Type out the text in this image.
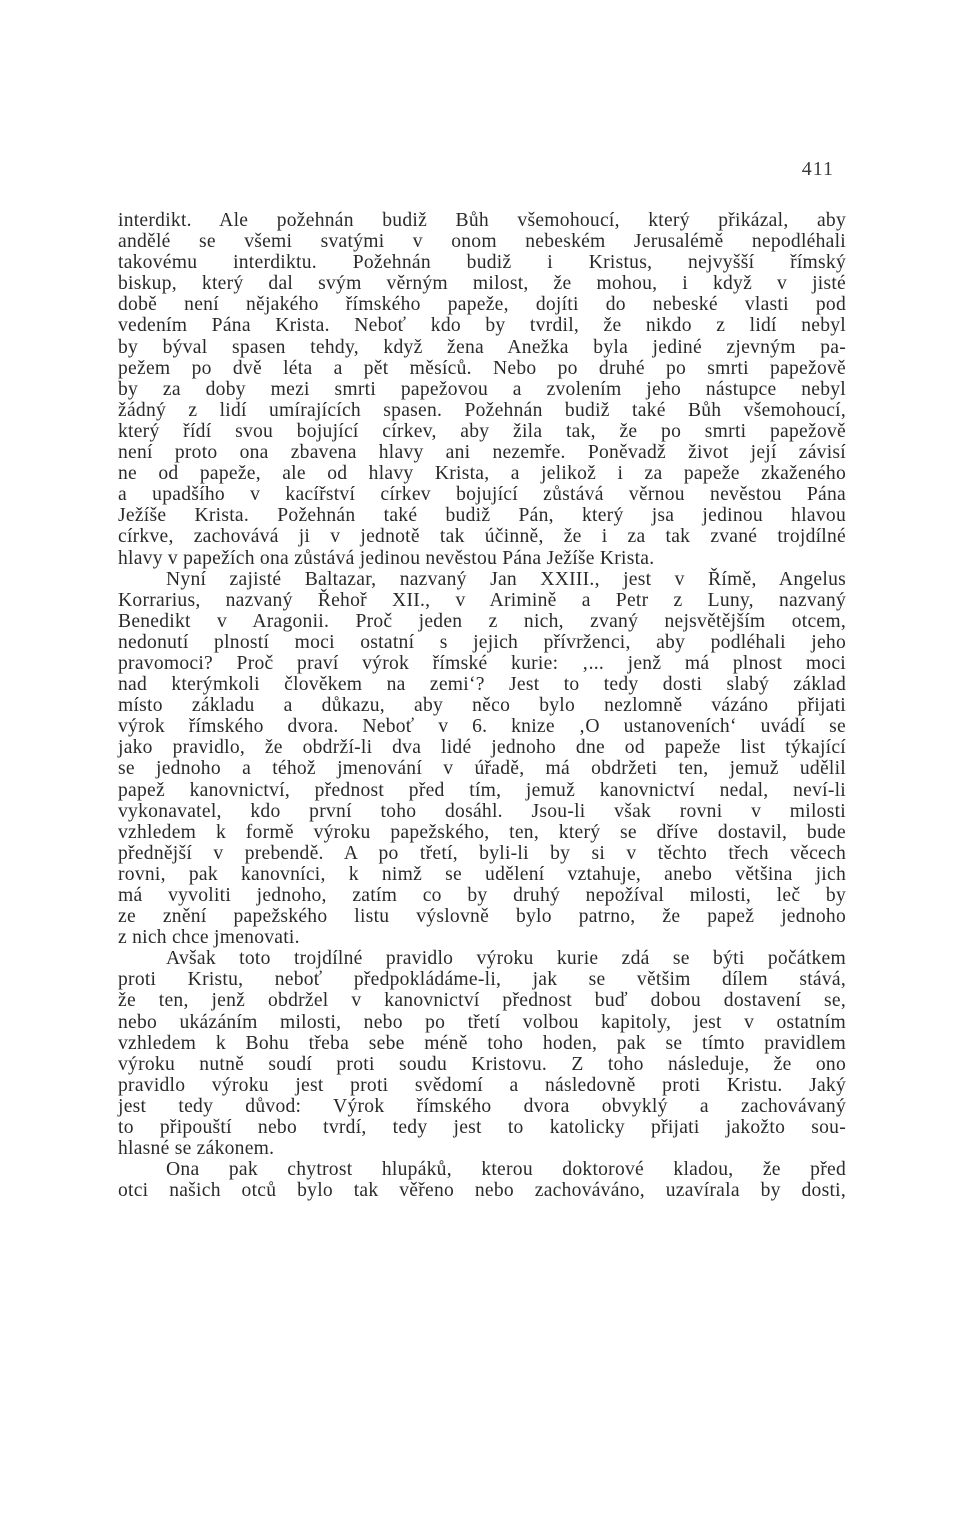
411
interdikt. Ale požehnán budiž Bůh všemohoucí, který přikázal, aby
andělé se všemi svatými v onom nebeském Jerusalémě nepodléhali
takovému interdiktu. Požehnán budiž i Kristus, nejvyšší římský
biskup, který dal svým věrným milost, že mohou, i když v jisté
době není nějakého římského papeže, dojíti do nebeské vlasti pod
vedením Pána Krista. Neboť kdo by tvrdil, že nikdo z lidí nebyl
by býval spasen tehdy, když žena Anežka byla jediné zjevným pa-
pežem po dvě léta a pět měsíců. Nebo po druhé po smrti papežově
by za doby mezi smrti papežovou a zvolením jeho nástupce nebyl
žádný z lidí umírajících spasen. Požehnán budiž také Bůh všemohoucí,
který řídí svou bojující církev, aby žila tak, že po smrti papežově
není proto ona zbavena hlavy ani nezemře. Poněvadž život její závisí
ne od papeže, ale od hlavy Krista, a jelikož i za papeže zkaženého
a upadšího v kacířství církev bojující zůstává věrnou nevěstou Pána
Ježíše Krista. Požehnán také budiž Pán, který jsa jedinou hlavou
církve, zachovává ji v jednotě tak účinně, že i za tak zvané trojdílné
hlavy v papežích ona zůstává jedinou nevěstou Pána Ježíše Krista.
Nyní zajisté Baltazar, nazvaný Jan XXIII., jest v Římě, Angelus
Korrarius, nazvaný Řehoř XII., v Arimině a Petr z Luny, nazvaný
Benedikt v Aragonii. Proč jeden z nich, zvaný nejsvětějším otcem,
nedonutí plností moci ostatní s jejich přívrženci, aby podléhali jeho
pravomoci? Proč praví výrok římské kurie: ‚... jenž má plnost moci
nad kterýmkoli člověkem na zemi‘? Jest to tedy dosti slabý základ
místo základu a důkazu, aby něco bylo nezlomně vázáno přijati
výrok římského dvora. Neboť v 6. knize ‚O ustanoveních‘ uvádí se
jako pravidlo, že obdrží-li dva lidé jednoho dne od papeže list týkající
se jednoho a téhož jmenování v úřadě, má obdržeti ten, jemuž udělil
papež kanovnictví, přednost před tím, jemuž kanovnictví nedal, neví-li
vykonavatel, kdo první toho dosáhl. Jsou-li však rovni v milosti
vzhledem k formě výroku papežského, ten, který se dříve dostavil, bude
přednější v prebendě. A po třetí, byli-li by si v těchto třech věcech
rovni, pak kanovníci, k nimž se udělení vztahuje, anebo většina jich
má vyvoliti jednoho, zatím co by druhý nepožíval milosti, leč by
ze znění papežského listu výslovně bylo patrno, že papež jednoho
z nich chce jmenovati.
Avšak toto trojdílné pravidlo výroku kurie zdá se býti počátkem
proti Kristu, neboť předpokládáme-li, jak se většim dílem stává,
že ten, jenž obdržel v kanovnictví přednost buď dobou dostavení se,
nebo ukázáním milosti, nebo po třetí volbou kapitoly, jest v ostatním
vzhledem k Bohu třeba sebe méně toho hoden, pak se tímto pravidlem
výroku nutně soudí proti soudu Kristovu. Z toho následuje, že ono
pravidlo výroku jest proti svědomí a následovně proti Kristu. Jaký
jest tedy důvod: Výrok římského dvora obvyklý a zachovávaný
to připouští nebo tvrdí, tedy jest to katolicky přijati jakožto sou-
hlasné se zákonem.
Ona pak chytrost hlupáků, kterou doktorové kladou, že před
otci našich otců bylo tak věřeno nebo zachováváno, uzavírala by dosti,
